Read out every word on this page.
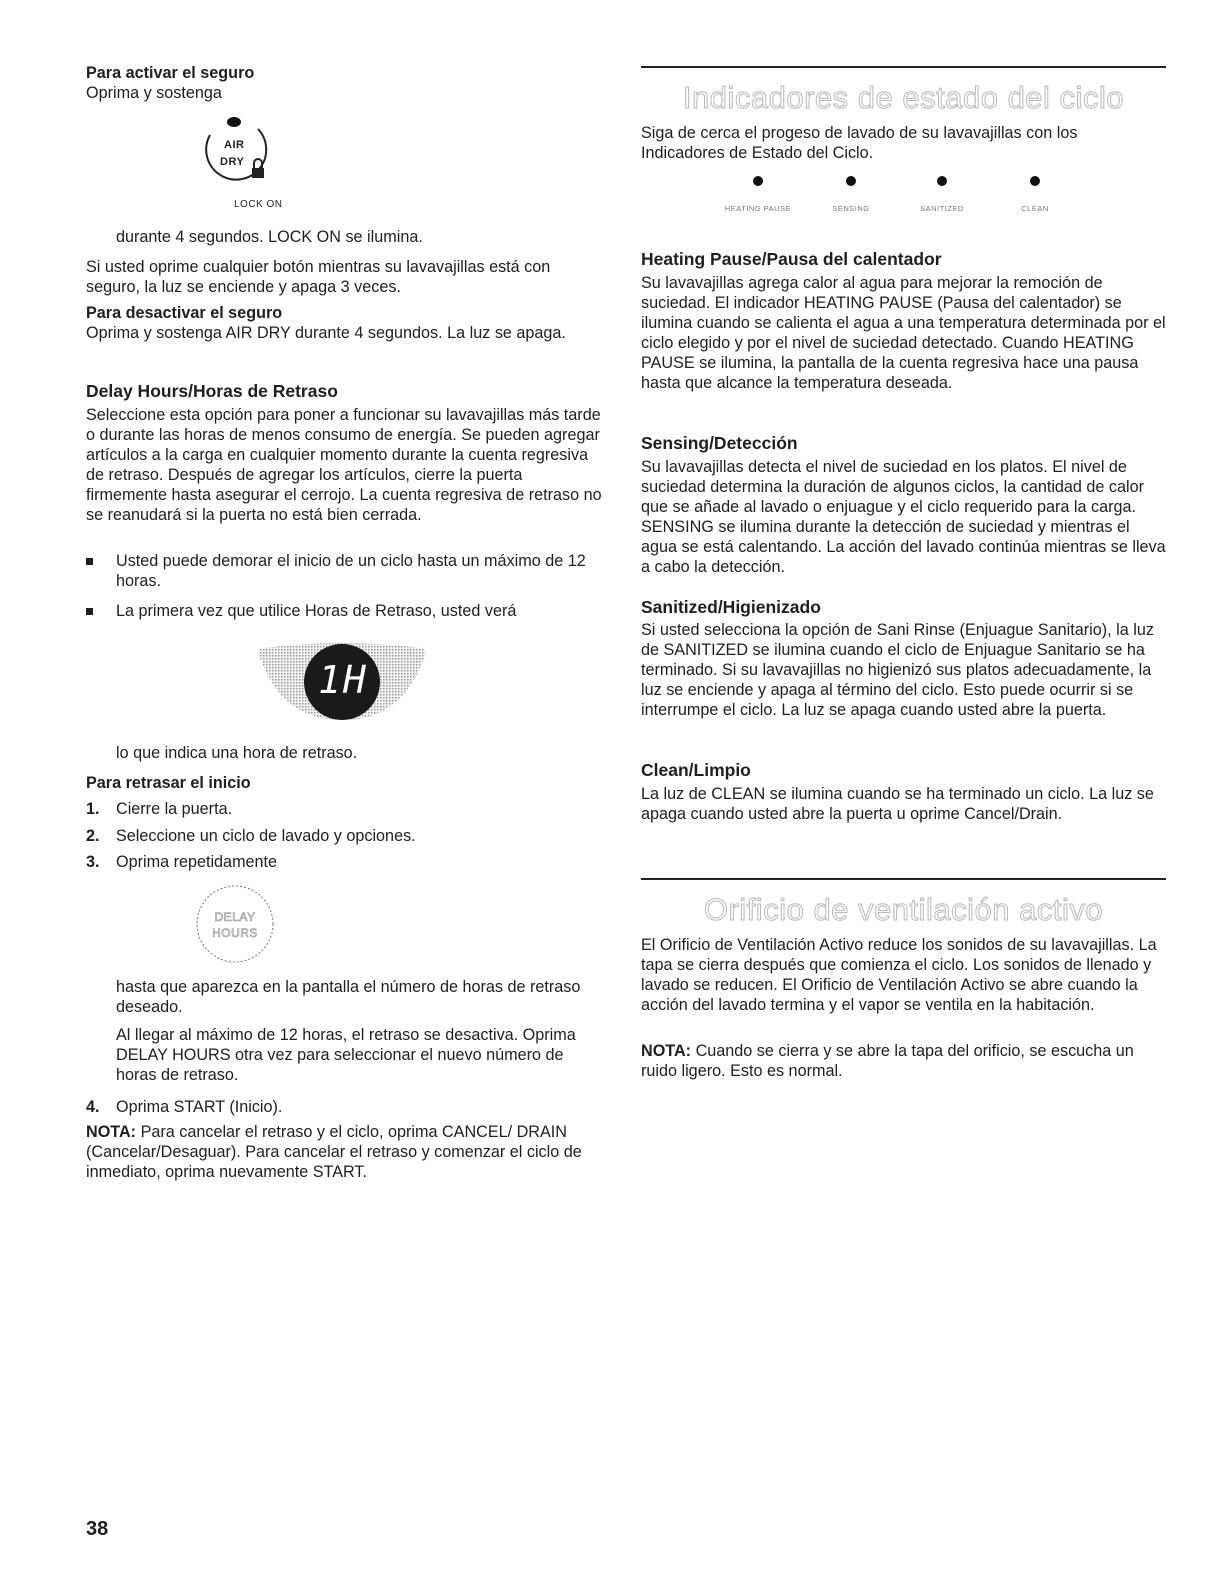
Para activar el seguro
Oprima y sostenga
AIR
DRY
LOCK ON
durante 4 segundos. LOCK ON se ilumina.
Si usted oprime cualquier botón mientras su lavavajillas está con seguro, la luz se enciende y apaga 3 veces.
Para desactivar el seguro
Oprima y sostenga AIR DRY durante 4 segundos. La luz se apaga.
Delay Hours/Horas de Retraso
Seleccione esta opción para poner a funcionar su lavavajillas más tarde o durante las horas de menos consumo de energía. Se pueden agregar artículos a la carga en cualquier momento durante la cuenta regresiva de retraso. Después de agregar los artículos, cierre la puerta firmemente hasta asegurar el cerrojo. La cuenta regresiva de retraso no se reanudará si la puerta no está bien cerrada.
Usted puede demorar el inicio de un ciclo hasta un máximo de 12 horas.
La primera vez que utilice Horas de Retraso, usted verá
1H
lo que indica una hora de retraso.
Para retrasar el inicio
1. Cierre la puerta.
2. Seleccione un ciclo de lavado y opciones.
3. Oprima repetidamente
DELAY
HOURS
hasta que aparezca en la pantalla el número de horas de retraso deseado.
Al llegar al máximo de 12 horas, el retraso se desactiva. Oprima DELAY HOURS otra vez para seleccionar el nuevo número de horas de retraso.
4. Oprima START (Inicio).
NOTA: Para cancelar el retraso y el ciclo, oprima CANCEL/ DRAIN (Cancelar/Desaguar). Para cancelar el retraso y comenzar el ciclo de inmediato, oprima nuevamente START.
Indicadores de estado del ciclo
Siga de cerca el progeso de lavado de su lavavajillas con los Indicadores de Estado del Ciclo.
HEATING PAUSE	SENSING	SANITIZED	CLEAN
Heating Pause/Pausa del calentador
Su lavavajillas agrega calor al agua para mejorar la remoción de suciedad. El indicador HEATING PAUSE (Pausa del calentador) se ilumina cuando se calienta el agua a una temperatura determinada por el ciclo elegido y por el nivel de suciedad detectado. Cuando HEATING PAUSE se ilumina, la pantalla de la cuenta regresiva hace una pausa hasta que alcance la temperatura deseada.
Sensing/Detección
Su lavavajillas detecta el nivel de suciedad en los platos. El nivel de suciedad determina la duración de algunos ciclos, la cantidad de calor que se añade al lavado o enjuague y el ciclo requerido para la carga. SENSING se ilumina durante la detección de suciedad y mientras el agua se está calentando. La acción del lavado continúa mientras se lleva a cabo la detección.
Sanitized/Higienizado
Si usted selecciona la opción de Sani Rinse (Enjuague Sanitario), la luz de SANITIZED se ilumina cuando el ciclo de Enjuague Sanitario se ha terminado. Si su lavavajillas no higienizó sus platos adecuadamente, la luz se enciende y apaga al término del ciclo. Esto puede ocurrir si se interrumpe el ciclo. La luz se apaga cuando usted abre la puerta.
Clean/Limpio
La luz de CLEAN se ilumina cuando se ha terminado un ciclo. La luz se apaga cuando usted abre la puerta u oprime Cancel/Drain.
Orificio de ventilación activo
El Orificio de Ventilación Activo reduce los sonidos de su lavavajillas. La tapa se cierra después que comienza el ciclo. Los sonidos de llenado y lavado se reducen. El Orificio de Ventilación Activo se abre cuando la acción del lavado termina y el vapor se ventila en la habitación.
NOTA: Cuando se cierra y se abre la tapa del orificio, se escucha un ruido ligero. Esto es normal.
38
